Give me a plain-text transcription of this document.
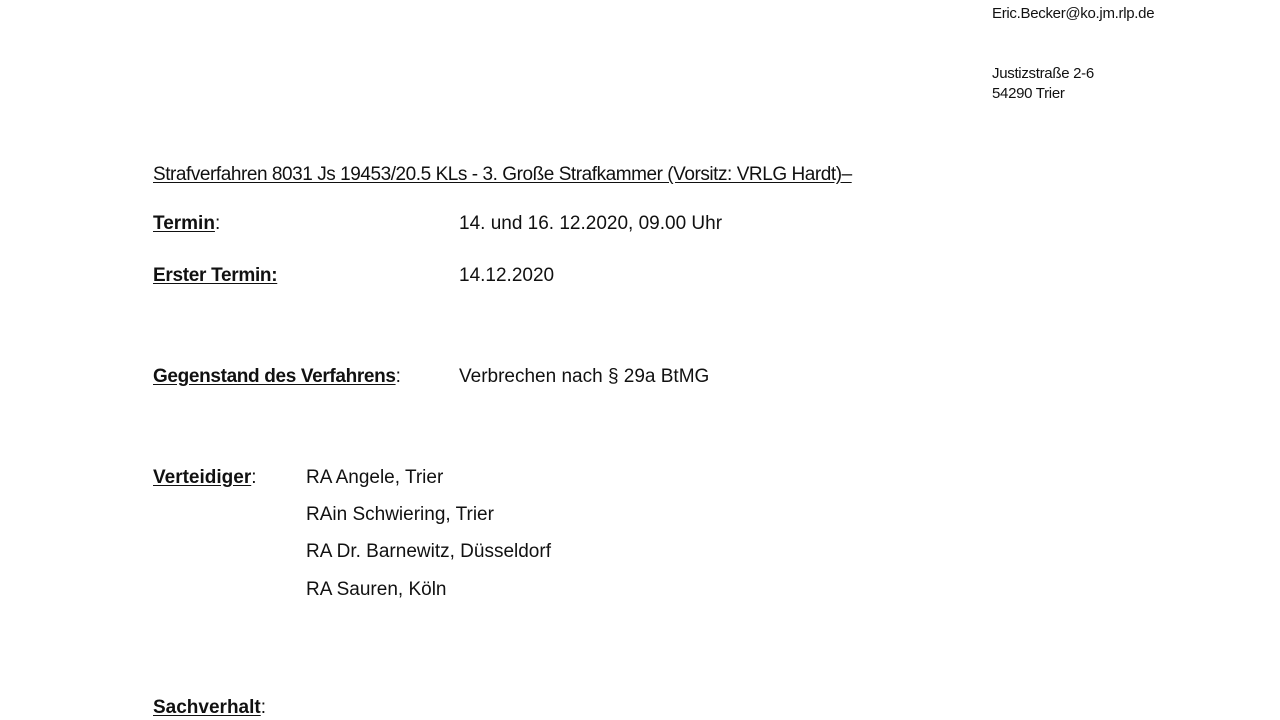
Eric.Becker@ko.jm.rlp.de
Justizstraße 2-6
54290 Trier
Strafverfahren 8031 Js 19453/20.5 KLs - 3. Große Strafkammer (Vorsitz: VRLG Hardt)–
Termin:	14. und 16. 12.2020, 09.00 Uhr
Erster Termin:	14.12.2020
Gegenstand des Verfahrens:	Verbrechen nach § 29a BtMG
Verteidiger:	RA Angele, Trier
RAin Schwiering, Trier
RA Dr. Barnewitz, Düsseldorf
RA Sauren, Köln
Sachverhalt:
